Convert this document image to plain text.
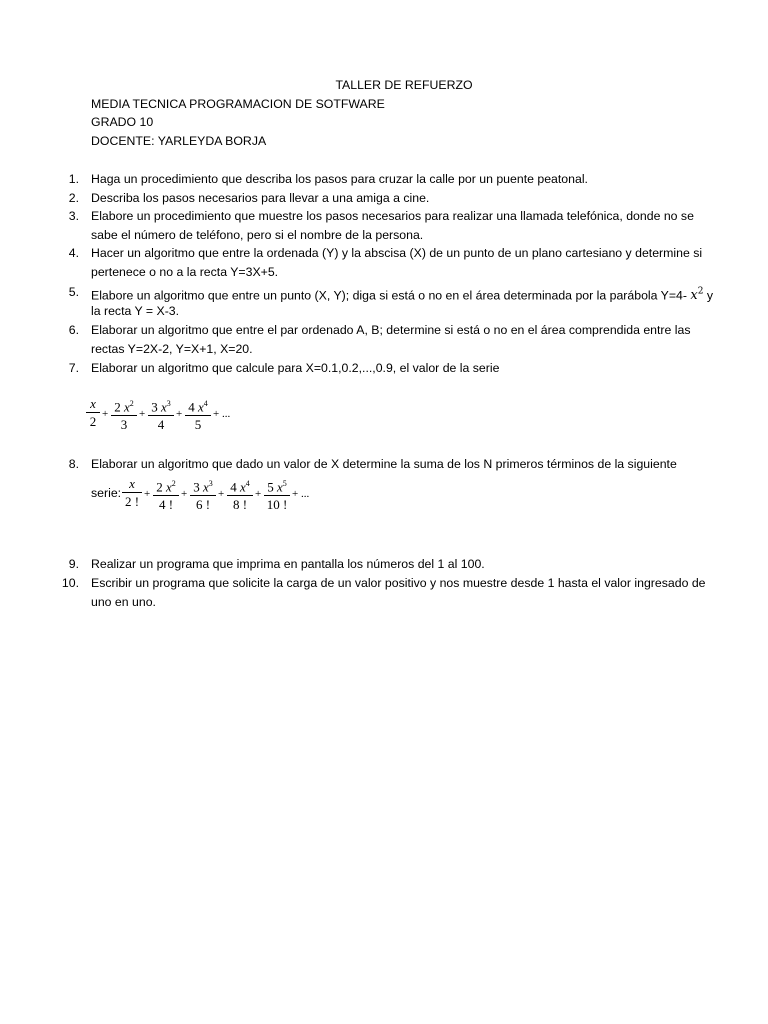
TALLER DE REFUERZO
MEDIA TECNICA PROGRAMACION DE SOTFWARE
GRADO 10
DOCENTE: YARLEYDA BORJA
1. Haga un procedimiento que describa los pasos para cruzar la calle por un puente peatonal.
2. Describa los pasos necesarios para llevar a una amiga a cine.
3. Elabore un procedimiento que muestre los pasos necesarios para realizar una llamada telefónica, donde no se
sabe el número de teléfono, pero si el nombre de la persona.
4. Hacer un algoritmo que entre la ordenada (Y) y la abscisa (X) de un punto de un plano cartesiano y determine si
pertenece o no a la recta Y=3X+5.
5. Elabore un algoritmo que entre un punto (X, Y); diga si está o no en el área determinada por la parábola Y=4- $x^2$ y
la recta Y = X-3.
6. Elaborar un algoritmo que entre el par ordenado A, B; determine si está o no en el área comprendida entre las
rectas Y=2X-2, Y=X+1, X=20.
7. Elaborar un algoritmo que calcule para X=0.1,0.2,...,0.9, el valor de la serie
x
2 + 2 $x^2$
3
+ 3 $x^3$
4
+ 4 $x^4$
5
+ ...
8. Elaborar un algoritmo que dado un valor de X determine la suma de los N primeros términos de la siguiente
serie:
x
2 ! + 2 $x^2$
4 !
+ 3 $x^3$
6 !
+ 4 $x^4$
8 !
+ 5 $x^5$
10 !
+ ...
9. Realizar un programa que imprima en pantalla los números del 1 al 100.
10. Escribir un programa que solicite la carga de un valor positivo y nos muestre desde 1 hasta el valor ingresado de
uno en uno.
